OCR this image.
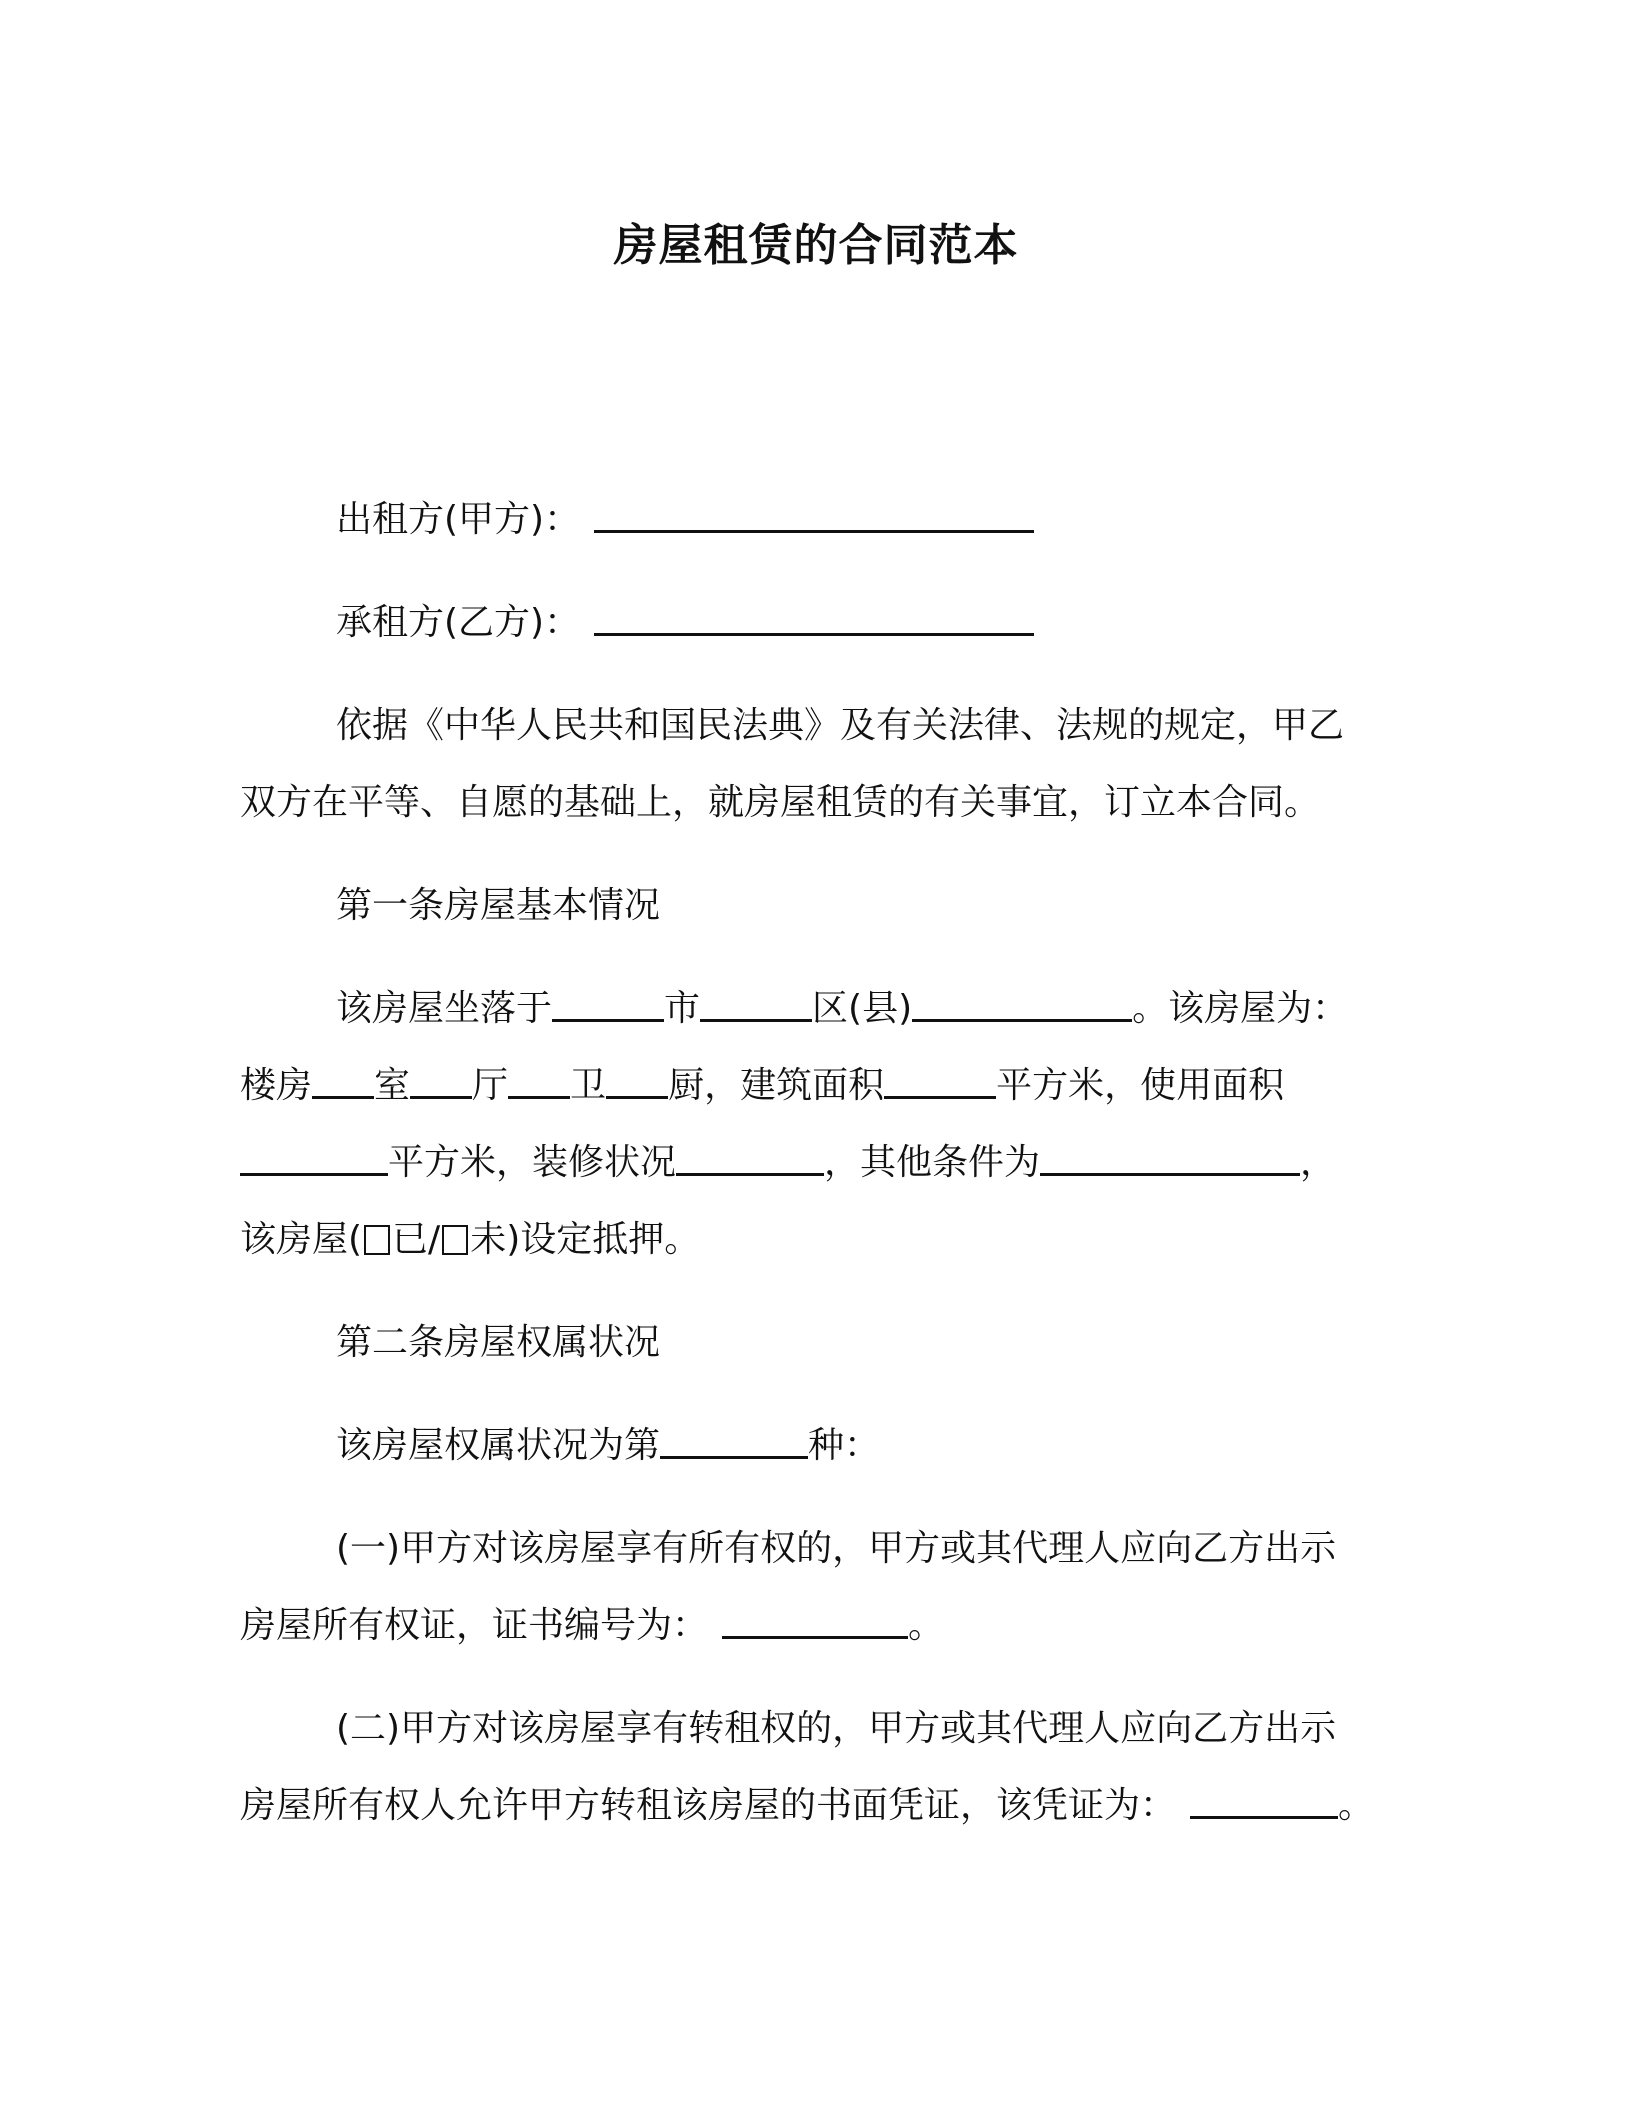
房屋租赁的合同范本
出租方(甲方)：
承租方(乙方)：
依据《中华人民共和国民法典》及有关法律、法规的规定，甲乙
双方在平等、自愿的基础上，就房屋租赁的有关事宜，订立本合同。
第一条房屋基本情况
该房屋坐落于	市	区(县)	。该房屋为：
楼房 室 厅 卫 厨，建筑面积	平方米，使用面积
平方米，装修状况	，其他条件为	，
该房屋( 已/ 未)设定抵押。
第二条房屋权属状况
该房屋权属状况为第	种：
(一)甲方对该房屋享有所有权的，甲方或其代理人应向乙方出示
房屋所有权证，证书编号为：	。
(二)甲方对该房屋享有转租权的，甲方或其代理人应向乙方出示
房屋所有权人允许甲方转租该房屋的书面凭证，该凭证为：	。
